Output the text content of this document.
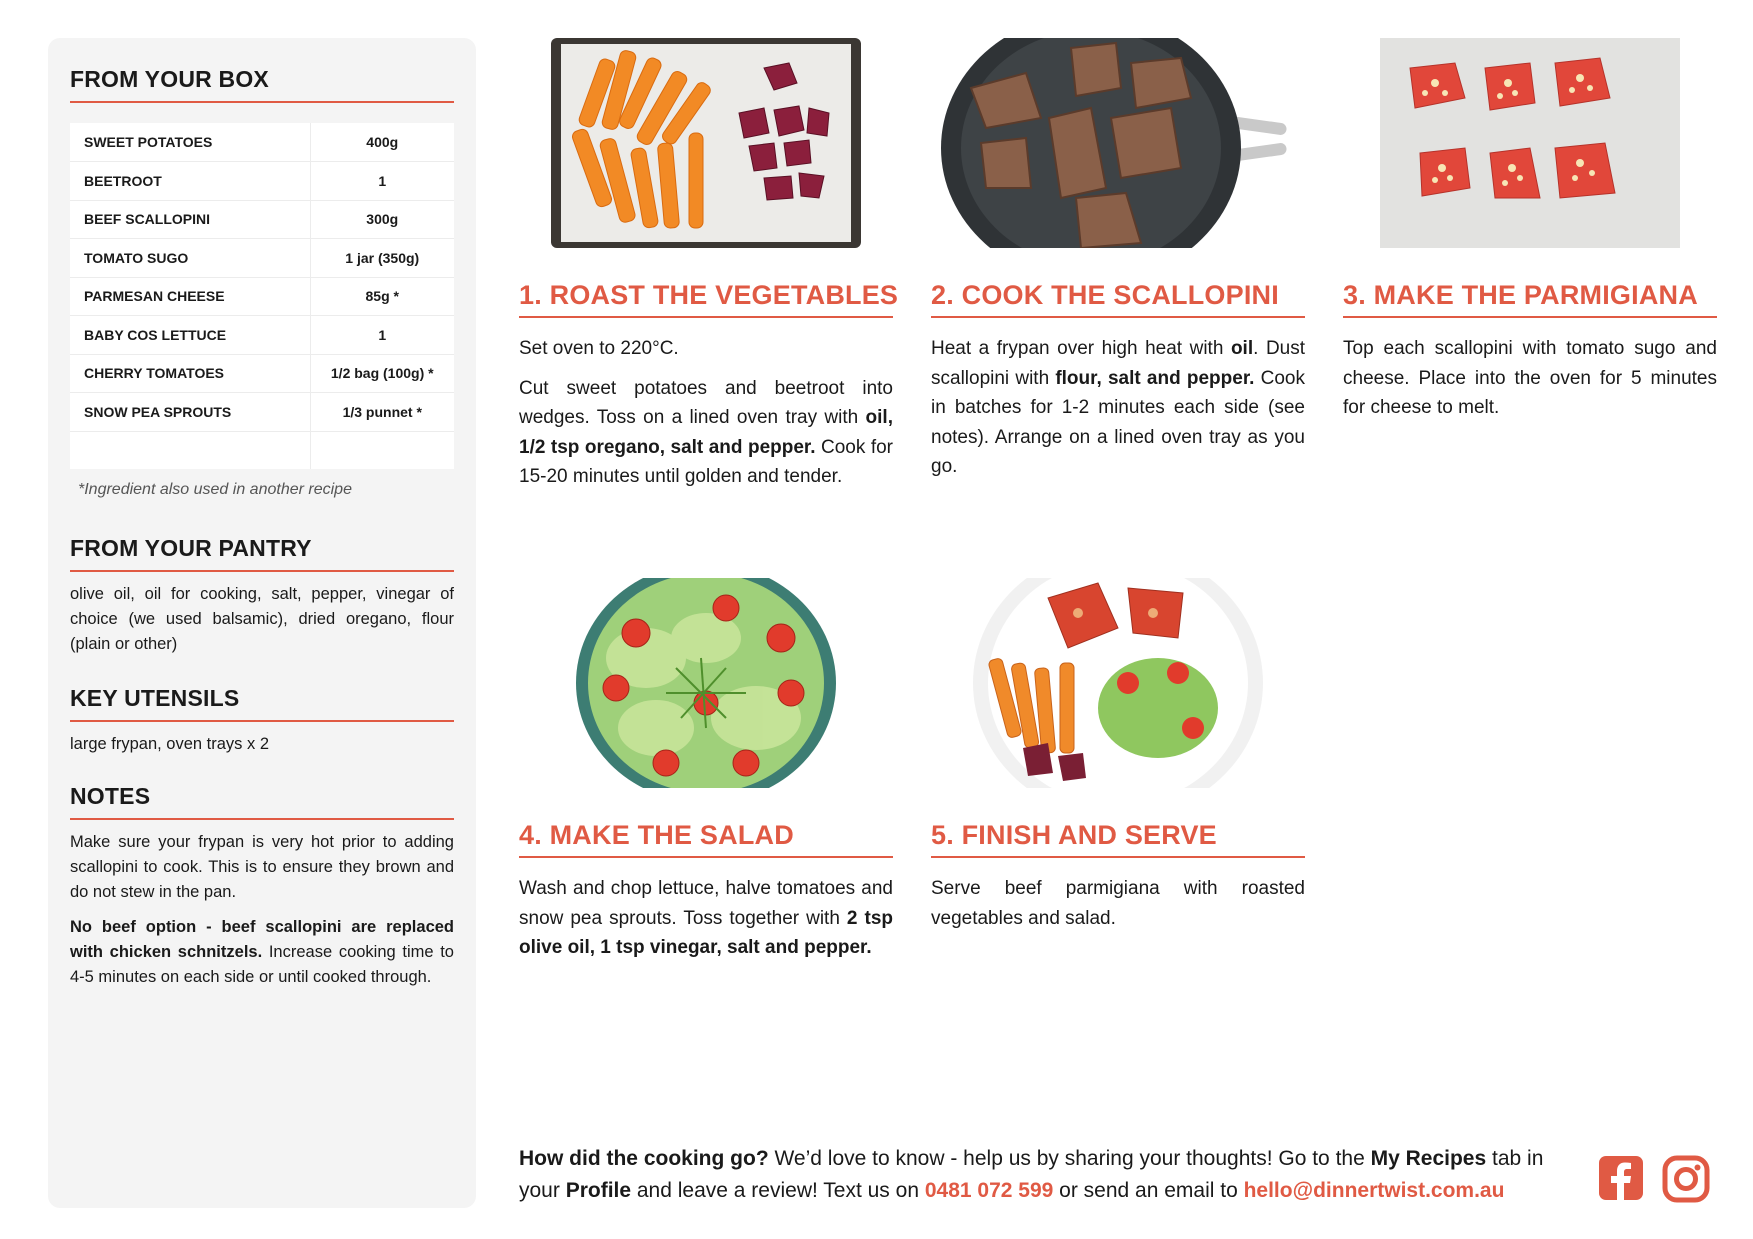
FROM YOUR BOX
SWEET POTATOES	400g
BEETROOT	1
BEEF SCALLOPINI	300g
TOMATO SUGO	1 jar (350g)
PARMESAN CHEESE	85g *
BABY COS LETTUCE	1
CHERRY TOMATOES	1/2 bag (100g) *
SNOW PEA SPROUTS	1/3 punnet *

*Ingredient also used in another recipe
FROM YOUR PANTRY
olive oil, oil for cooking, salt, pepper, vinegar of choice (we used balsamic), dried oregano, flour (plain or other)
KEY UTENSILS
large frypan, oven trays x 2
NOTES
Make sure your frypan is very hot prior to adding scallopini to cook. This is to ensure they brown and do not stew in the pan.
No beef option - beef scallopini are replaced with chicken schnitzels. Increase cooking time to 4-5 minutes on each side or until cooked through.
1. ROAST THE VEGETABLES

Set oven to 220°C.

Cut sweet potatoes and beetroot into wedges. Toss on a lined oven tray with oil, 1/2 tsp oregano, salt and pepper. Cook for 15-20 minutes until golden and tender.

2. COOK THE SCALLOPINI

Heat a frypan over high heat with oil. Dust scallopini with flour, salt and pepper. Cook in batches for 1-2 minutes each side (see notes). Arrange on a lined oven tray as you go.

3. MAKE THE PARMIGIANA
Top each scallopini with tomato sugo and cheese. Place into the oven for 5 minutes for cheese to melt.
4. MAKE THE SALAD

Wash and chop lettuce, halve tomatoes and snow pea sprouts. Toss together with 2 tsp olive oil, 1 tsp vinegar, salt and pepper.

5. FINISH AND SERVE
Serve beef parmigiana with roasted vegetables and salad.
How did the cooking go? We’d love to know - help us by sharing your thoughts! Go to the My Recipes tab in your Profile and leave a review! Text us on 0481 072 599 or send an email to hello@dinnertwist.com.au
